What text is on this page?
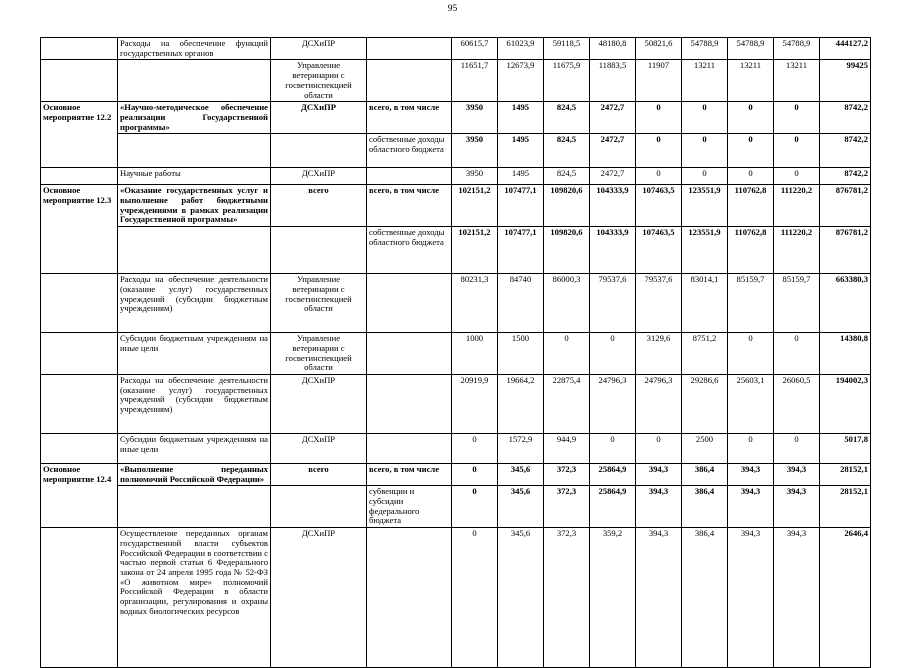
95
	Расходы на обеспечение функций государственных органов	ДСХиПР		60615,7	61023,9	59118,5	48180,8	50821,6	54788,9	54788,9	54788,9	444127,2
		Управление ветеринарии с госветинспекцией области		11651,7	12673,9	11675,9	11883,5	11907	13211	13211	13211	99425
Основное мероприятие 12.2	«Научно-методическое обеспечение реализации Государственной программы»	ДСХиПР	всего, в том числе	3950	1495	824,5	2472,7	0	0	0	0	8742,2
			собственные доходы областного бюджета	3950	1495	824,5	2472,7	0	0	0	0	8742,2
	Научные работы	ДСХиПР		3950	1495	824,5	2472,7	0	0	0	0	8742,2
Основное мероприятие 12.3	«Оказание государственных услуг и выполнение работ бюджетными учреждениями в рамках реализации Государственной программы»	всего	всего, в том числе	102151,2	107477,1	109820,6	104333,9	107463,5	123551,9	110762,8	111220,2	876781,2
			собственные доходы областного бюджета	102151,2	107477,1	109820,6	104333,9	107463,5	123551,9	110762,8	111220,2	876781,2
	Расходы на обеспечение деятельности (оказание услуг) государственных учреждений (субсидии бюджетным учреждениям)	Управление ветеринарии с госветинспекцией области		80231,3	84740	86000,3	79537,6	79537,6	83014,1	85159,7	85159,7	663380,3
	Субсидии бюджетным учреждениям на иные цели	Управление ветеринарии с госветинспекцией области		1000	1500	0	0	3129,6	8751,2	0	0	14380,8
	Расходы на обеспечение деятельности (оказание услуг) государственных учреждений (субсидии бюджетным учреждениям)	ДСХиПР		20919,9	19664,2	22875,4	24796,3	24796,3	29286,6	25603,1	26060,5	194002,3
	Субсидии бюджетным учреждениям на иные цели	ДСХиПР		0	1572,9	944,9	0	0	2500	0	0	5017,8
Основное мероприятие 12.4	«Выполнение переданных полномочий Российской Федерации»	всего	всего, в том числе	0	345,6	372,3	25864,9	394,3	386,4	394,3	394,3	28152,1
			субвенции и субсидии федерального бюджета	0	345,6	372,3	25864,9	394,3	386,4	394,3	394,3	28152,1
	Осуществление переданных органам государственной власти субъектов Российской Федерации в соответствии с частью первой статьи 6 Федерального закона от 24 апреля 1995 года № 52-ФЗ «О животном мире» полномочий Российской Федерации в области организации, регулирования и охраны водных биологических ресурсов	ДСХиПР		0	345,6	372,3	359,2	394,3	386,4	394,3	394,3	2646,4
